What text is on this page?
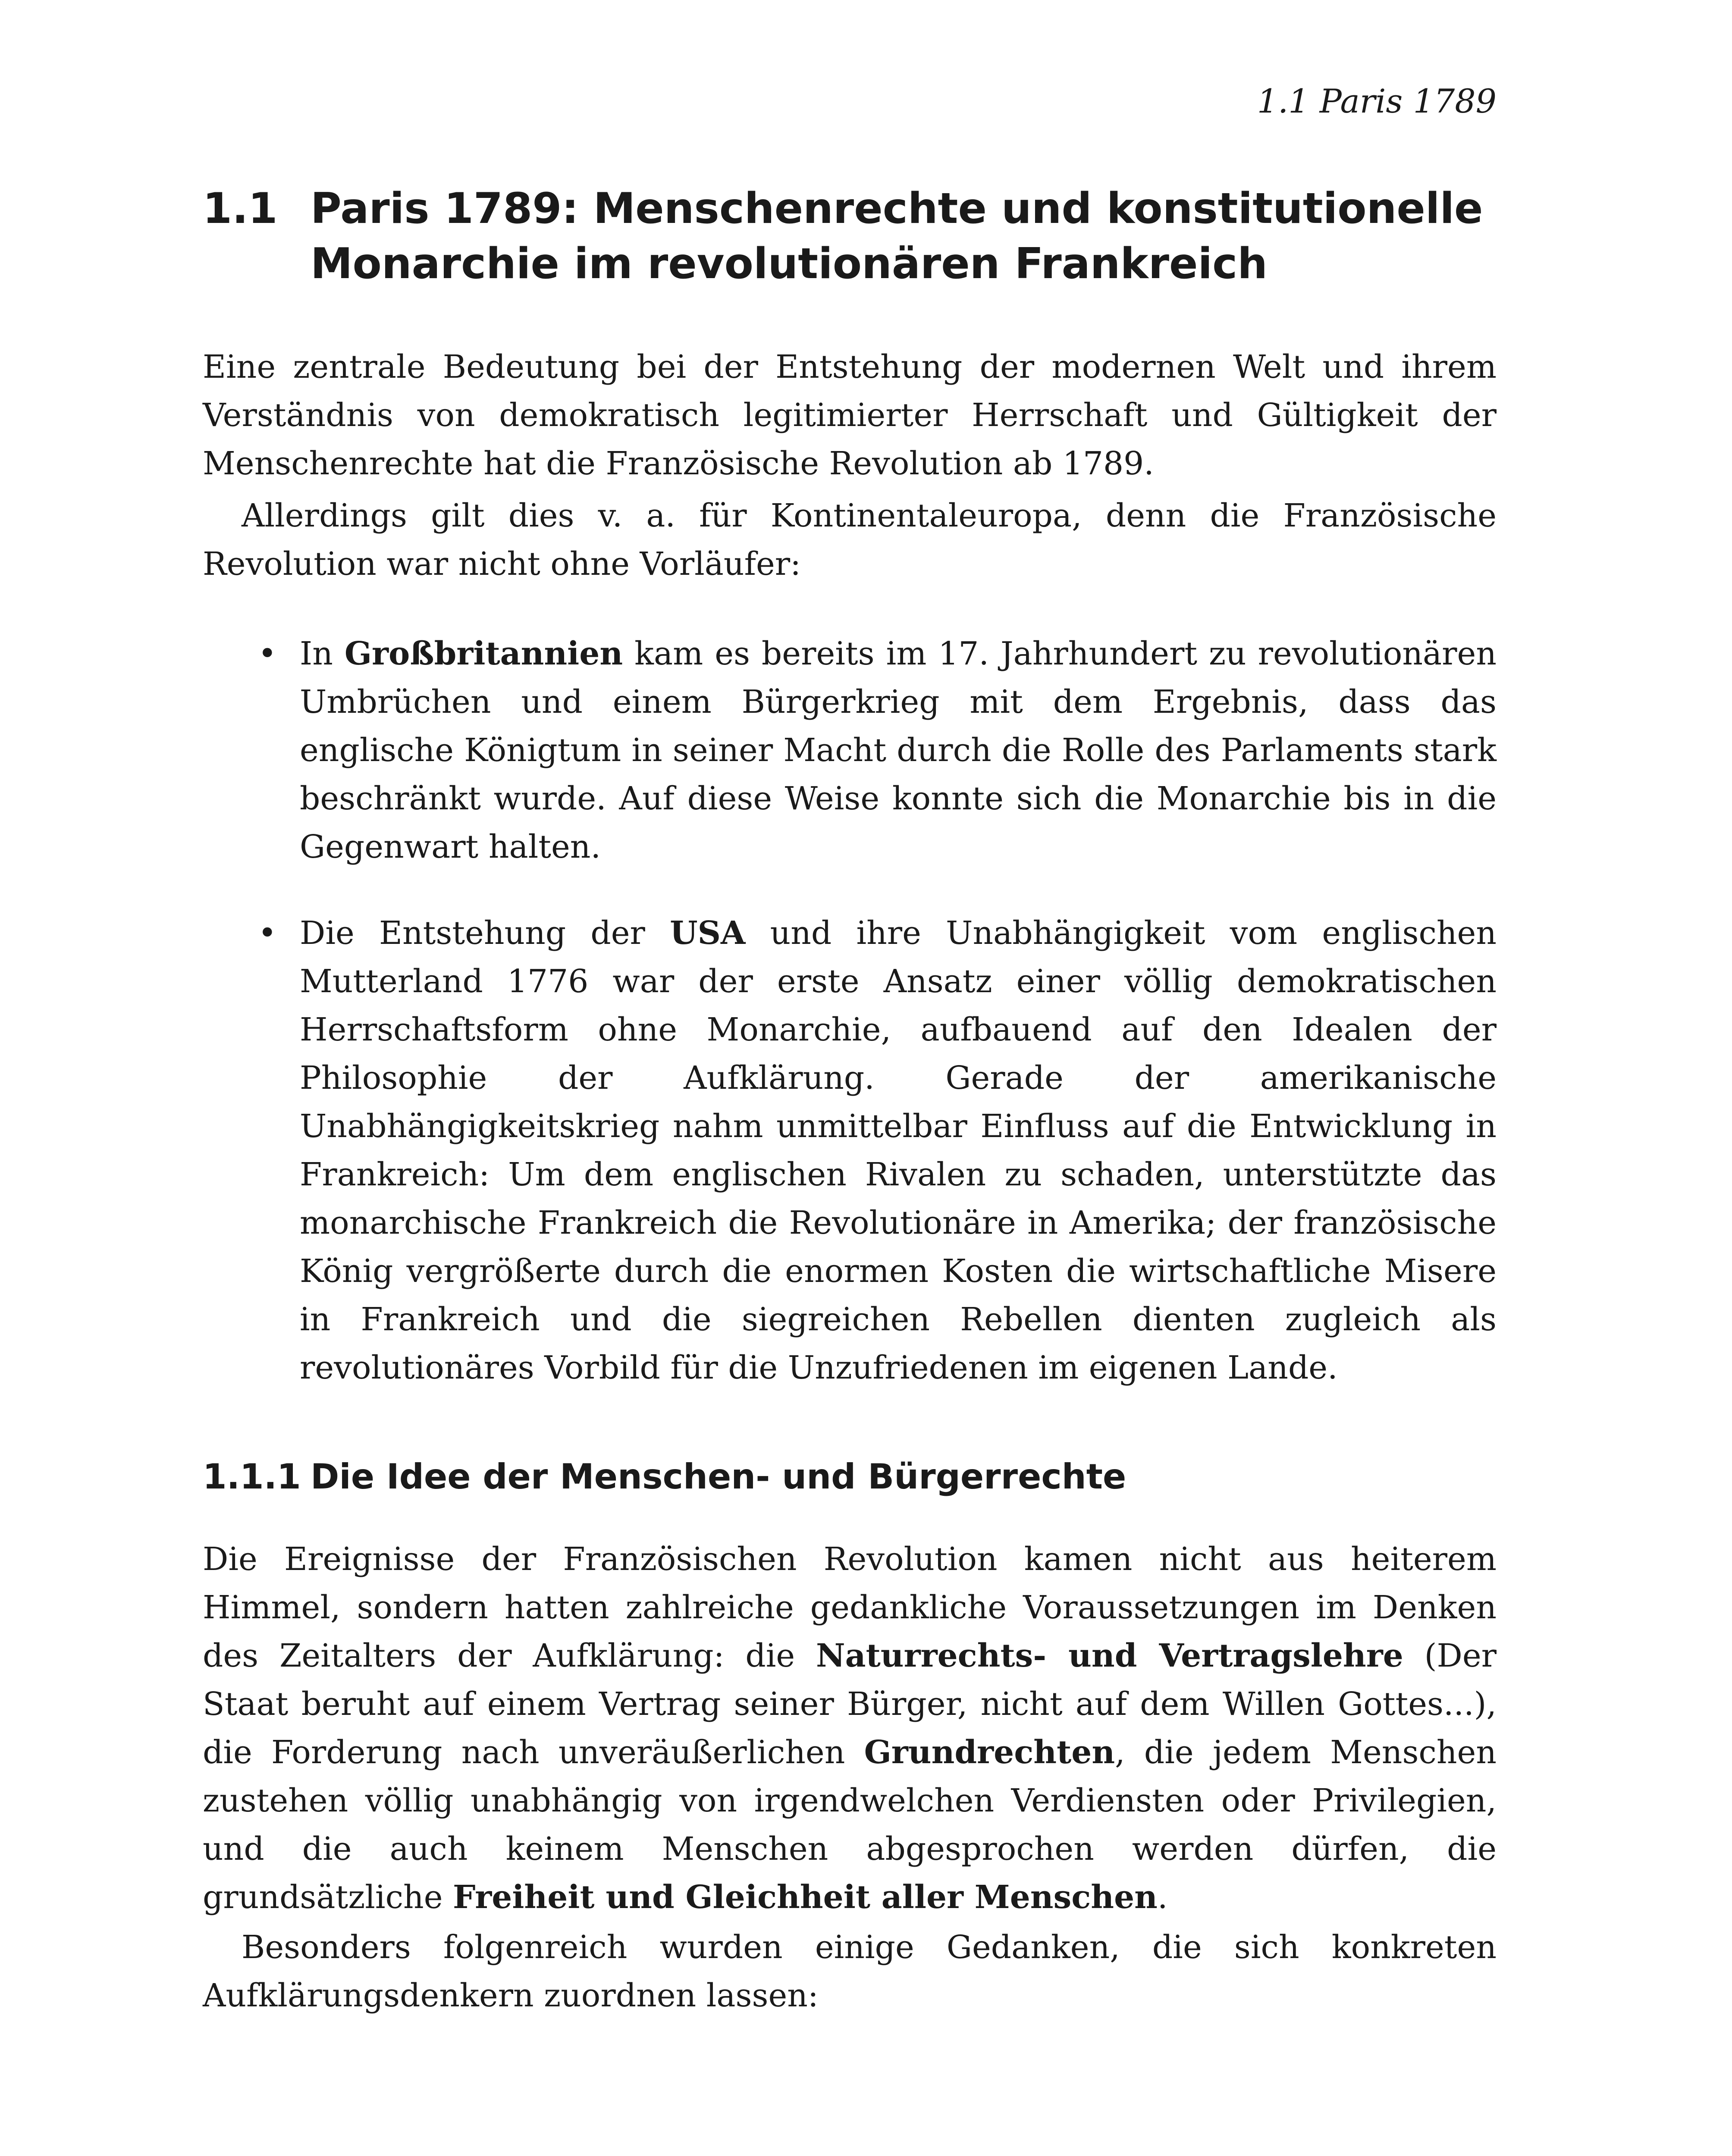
1.1 Paris 1789
1.1 Paris 1789: Menschenrechte und konstitutionelle Monarchie im revolutionären Frankreich

Eine zentrale Bedeutung bei der Entstehung der modernen Welt und ihrem Verständnis von demokratisch legitimierter Herrschaft und Gültigkeit der Menschenrechte hat die Französische Revolution ab 1789.

Allerdings gilt dies v. a. für Kontinentaleuropa, denn die Französische Revolution war nicht ohne Vorläufer:

• In Großbritannien kam es bereits im 17. Jahrhundert zu revolutionären Umbrüchen und einem Bürgerkrieg mit dem Ergebnis, dass das englische Königtum in seiner Macht durch die Rolle des Parlaments stark beschränkt wurde. Auf diese Weise konnte sich die Monarchie bis in die Gegenwart halten.
• Die Entstehung der USA und ihre Unabhängigkeit vom englischen Mutterland 1776 war der erste Ansatz einer völlig demokratischen Herrschaftsform ohne Monarchie, aufbauend auf den Idealen der Philosophie der Aufklärung. Gerade der amerikanische Unabhängigkeitskrieg nahm unmittelbar Einfluss auf die Entwicklung in Frankreich: Um dem englischen Rivalen zu schaden, unterstützte das monarchische Frankreich die Revolutionäre in Amerika; der französische König vergrößerte durch die enormen Kosten die wirtschaftliche Misere in Frankreich und die siegreichen Rebellen dienten zugleich als revolutionäres Vorbild für die Unzufriedenen im eigenen Lande.
1.1.1 Die Idee der Menschen- und Bürgerrechte

Die Ereignisse der Französischen Revolution kamen nicht aus heiterem Himmel, sondern hatten zahlreiche gedankliche Voraussetzungen im Denken des Zeitalters der Aufklärung: die Naturrechts- und Vertragslehre (Der Staat beruht auf einem Vertrag seiner Bürger, nicht auf dem Willen Gottes...), die Forderung nach unveräußerlichen Grundrechten, die jedem Menschen zustehen völlig unabhängig von irgendwelchen Verdiensten oder Privilegien, und die auch keinem Menschen abgesprochen werden dürfen, die grundsätzliche Freiheit und Gleichheit aller Menschen.

Besonders folgenreich wurden einige Gedanken, die sich konkreten Aufklärungsdenkern zuordnen lassen:
